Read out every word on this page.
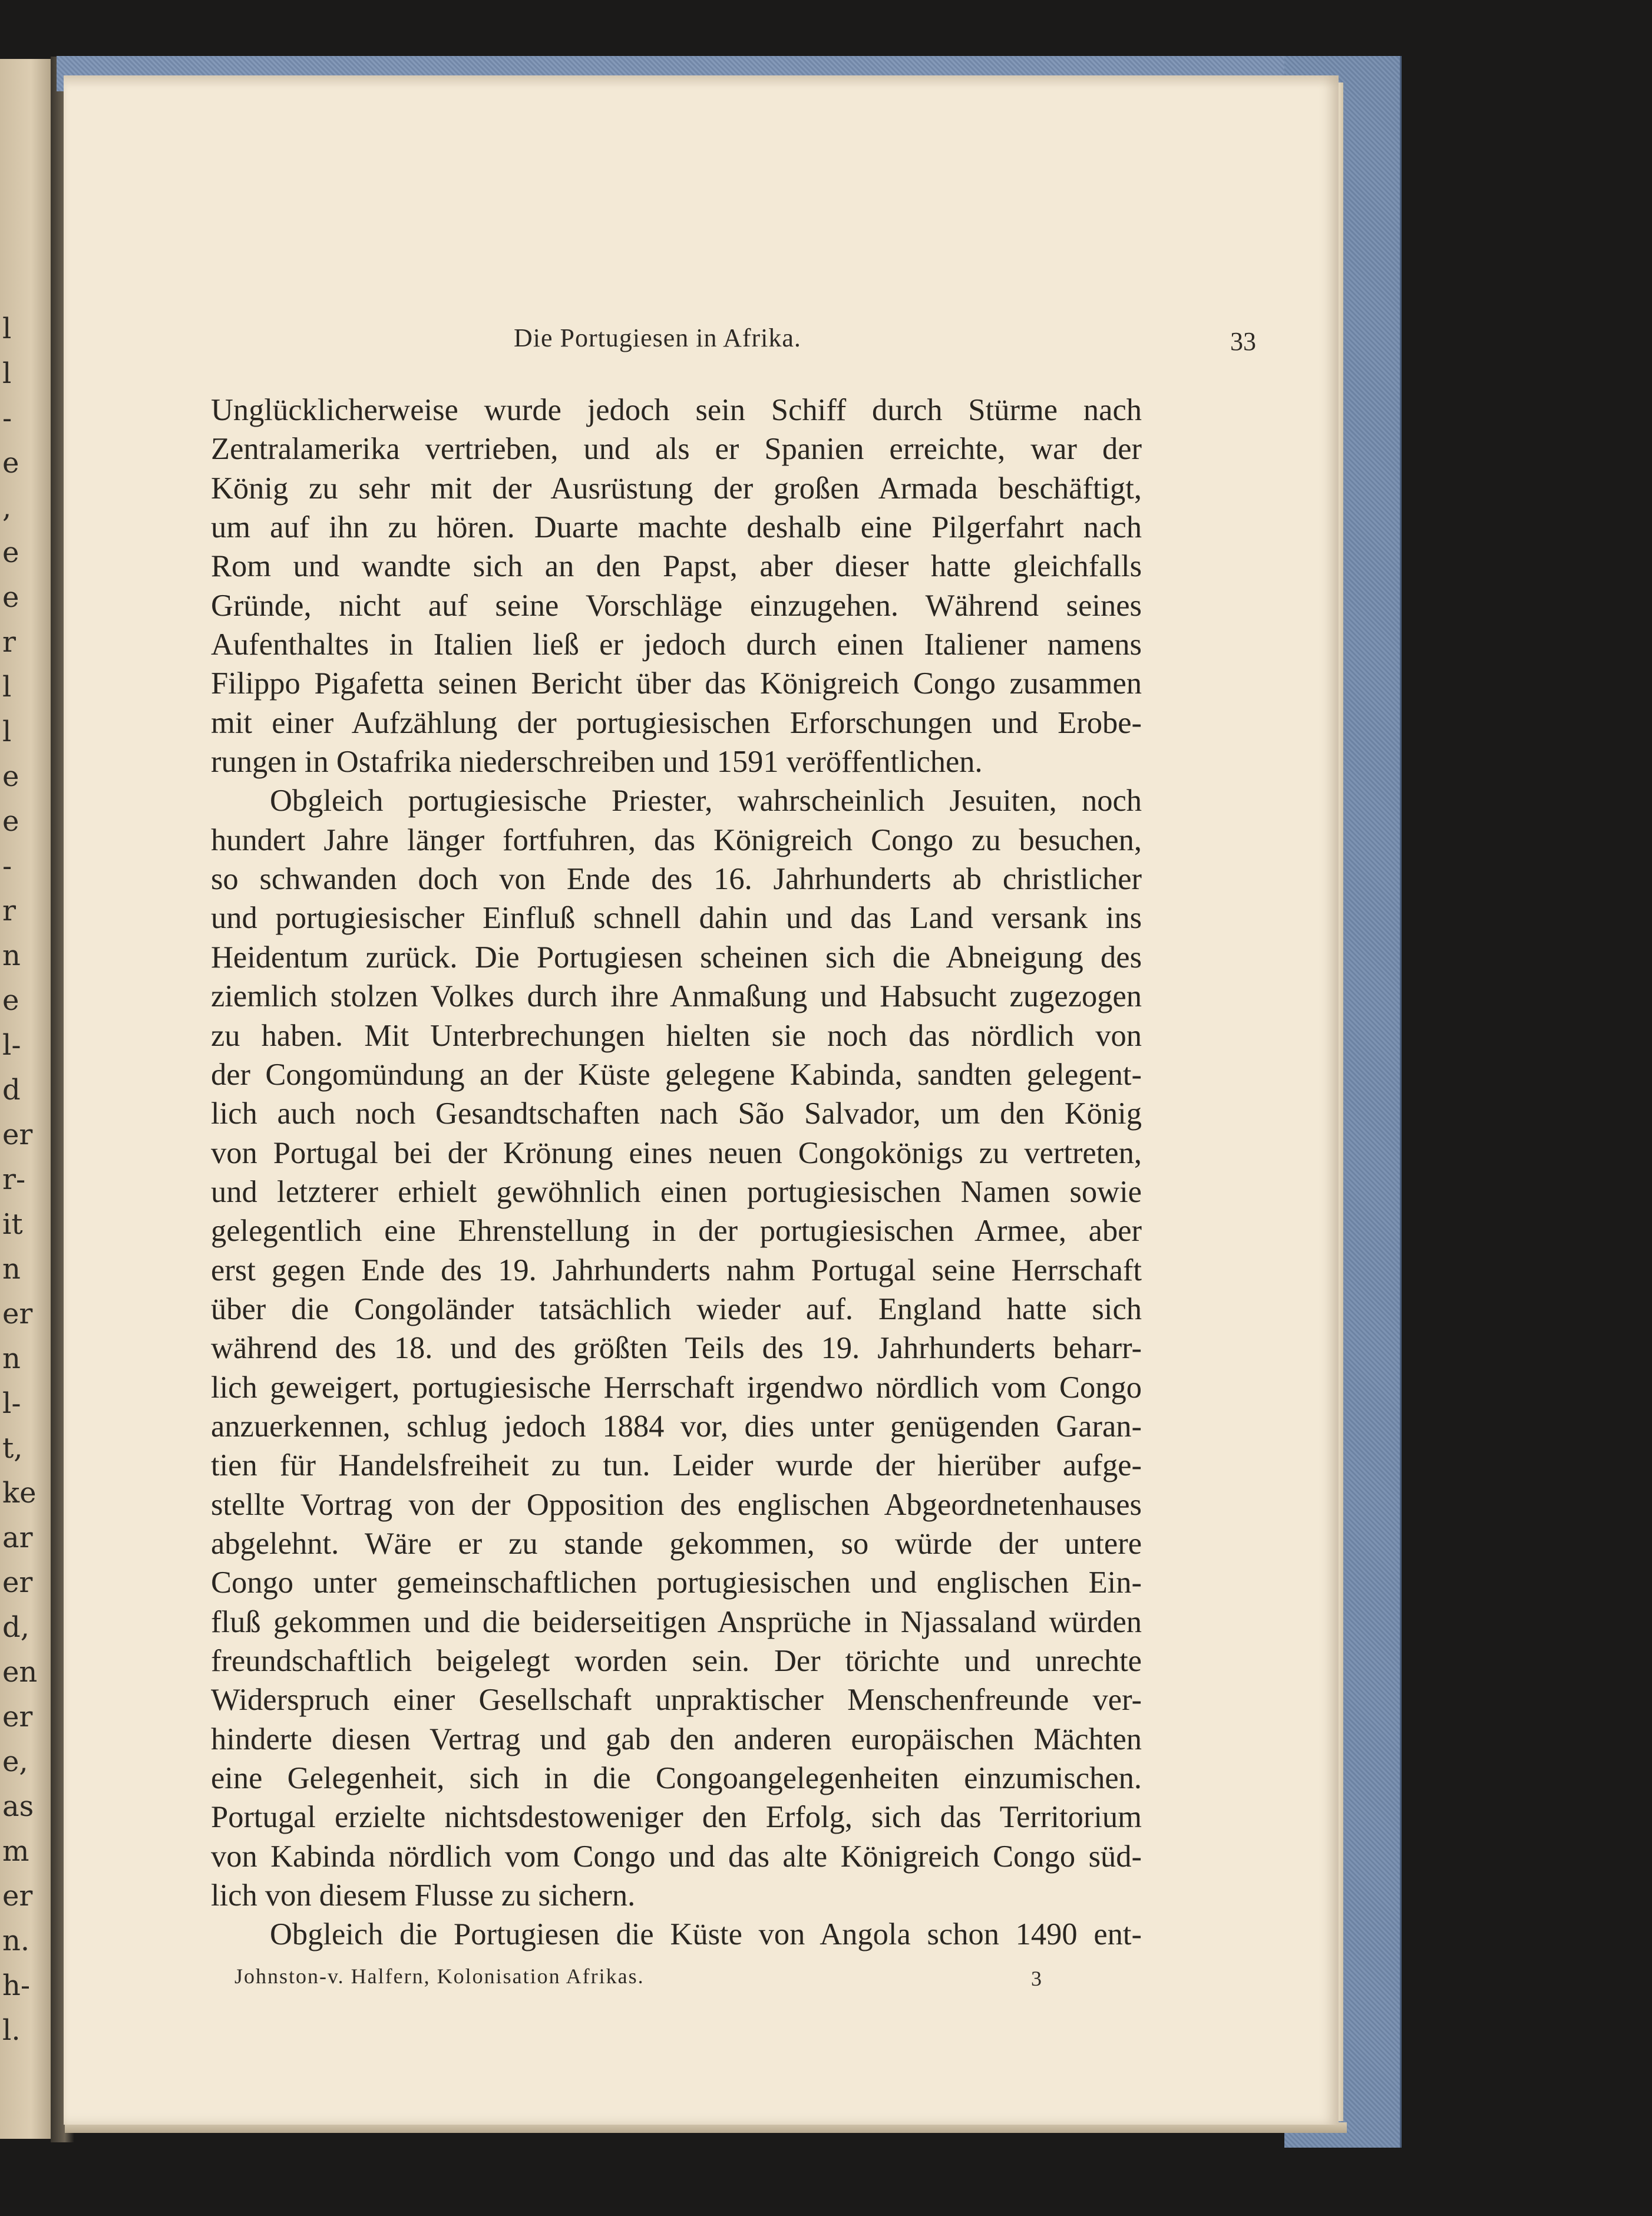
l
l
-
e
,
e
e
r
l
l
e
e
-
r
n
e
l-
d
er
r-
it
n
er
n
l-
t,
ke
ar
er
d,
en
er
e,
as
m
er
n.
h-
l.
Die Portugiesen in Afrika.	33
Unglücklicherweise wurde jedoch sein Schiff durch Stürme nach
Zentralamerika vertrieben, und als er Spanien erreichte, war der
König zu sehr mit der Ausrüstung der großen Armada beschäftigt,
um auf ihn zu hören. Duarte machte deshalb eine Pilgerfahrt nach
Rom und wandte sich an den Papst, aber dieser hatte gleichfalls
Gründe, nicht auf seine Vorschläge einzugehen. Während seines
Aufenthaltes in Italien ließ er jedoch durch einen Italiener namens
Filippo Pigafetta seinen Bericht über das Königreich Congo zusammen
mit einer Aufzählung der portugiesischen Erforschungen und Erobe-
rungen in Ostafrika niederschreiben und 1591 veröffentlichen.
Obgleich portugiesische Priester, wahrscheinlich Jesuiten, noch
hundert Jahre länger fortfuhren, das Königreich Congo zu besuchen,
so schwanden doch von Ende des 16. Jahrhunderts ab christlicher
und portugiesischer Einfluß schnell dahin und das Land versank ins
Heidentum zurück. Die Portugiesen scheinen sich die Abneigung des
ziemlich stolzen Volkes durch ihre Anmaßung und Habsucht zugezogen
zu haben. Mit Unterbrechungen hielten sie noch das nördlich von
der Congomündung an der Küste gelegene Kabinda, sandten gelegent-
lich auch noch Gesandtschaften nach São Salvador, um den König
von Portugal bei der Krönung eines neuen Congokönigs zu vertreten,
und letzterer erhielt gewöhnlich einen portugiesischen Namen sowie
gelegentlich eine Ehrenstellung in der portugiesischen Armee, aber
erst gegen Ende des 19. Jahrhunderts nahm Portugal seine Herrschaft
über die Congoländer tatsächlich wieder auf. England hatte sich
während des 18. und des größten Teils des 19. Jahrhunderts beharr-
lich geweigert, portugiesische Herrschaft irgendwo nördlich vom Congo
anzuerkennen, schlug jedoch 1884 vor, dies unter genügenden Garan-
tien für Handelsfreiheit zu tun. Leider wurde der hierüber aufge-
stellte Vortrag von der Opposition des englischen Abgeordnetenhauses
abgelehnt. Wäre er zu stande gekommen, so würde der untere
Congo unter gemeinschaftlichen portugiesischen und englischen Ein-
fluß gekommen und die beiderseitigen Ansprüche in Njassaland würden
freundschaftlich beigelegt worden sein. Der törichte und unrechte
Widerspruch einer Gesellschaft unpraktischer Menschenfreunde ver-
hinderte diesen Vertrag und gab den anderen europäischen Mächten
eine Gelegenheit, sich in die Congoangelegenheiten einzumischen.
Portugal erzielte nichtsdestoweniger den Erfolg, sich das Territorium
von Kabinda nördlich vom Congo und das alte Königreich Congo süd-
lich von diesem Flusse zu sichern.
Obgleich die Portugiesen die Küste von Angola schon 1490 ent-
Johnston-v. Halfern, Kolonisation Afrikas.	3
